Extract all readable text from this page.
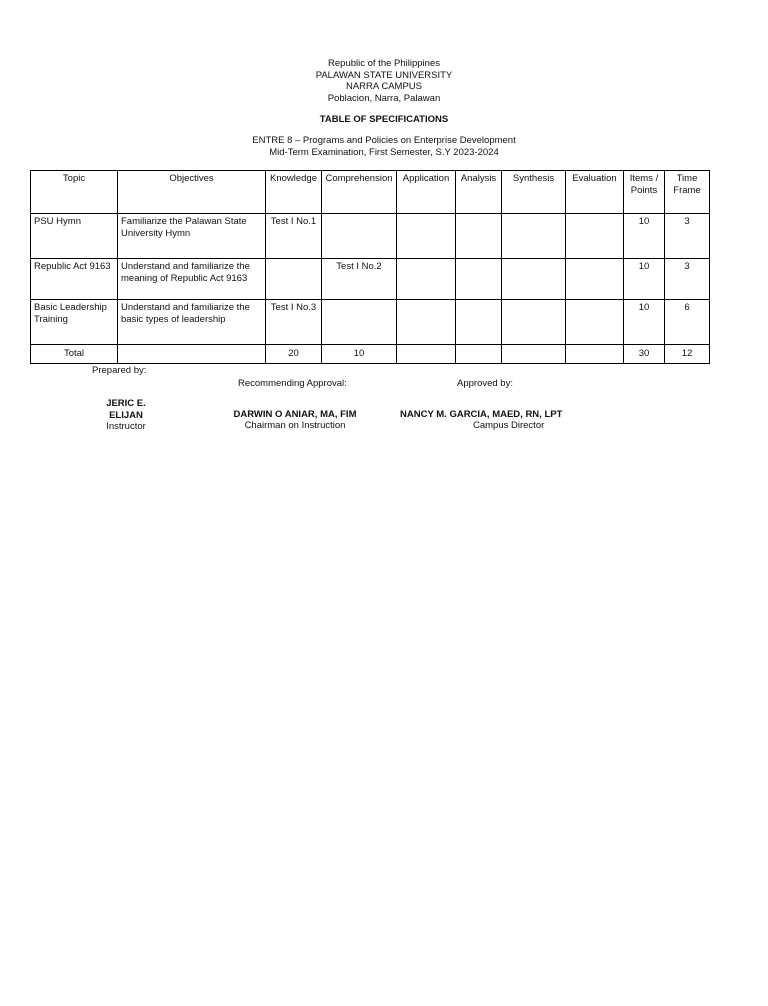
Republic of the Philippines
PALAWAN STATE UNIVERSITY
NARRA CAMPUS
Poblacion, Narra, Palawan
TABLE OF SPECIFICATIONS
ENTRE 8 – Programs and Policies on Enterprise Development
Mid-Term Examination, First Semester, S.Y 2023-2024
Topic	Objectives	Knowledge	Comprehension	Application	Analysis	Synthesis	Evaluation	Items / Points	Time Frame
PSU Hymn	Familiarize the Palawan State University Hymn	Test I No.1						10	3
Republic Act 9163	Understand and familiarize the meaning of Republic Act 9163		Test I No.2					10	3
Basic Leadership Training	Understand and familiarize the basic types of leadership	Test I No.3						10	6
Total		20	10					30	12
Prepared by:
Recommending Approval:	Approved by:
JERIC E.
ELIJAN
Instructor
DARWIN O ANIAR, MA, FIM
Chairman on Instruction
NANCY M. GARCIA, MAED, RN, LPT
Campus Director
